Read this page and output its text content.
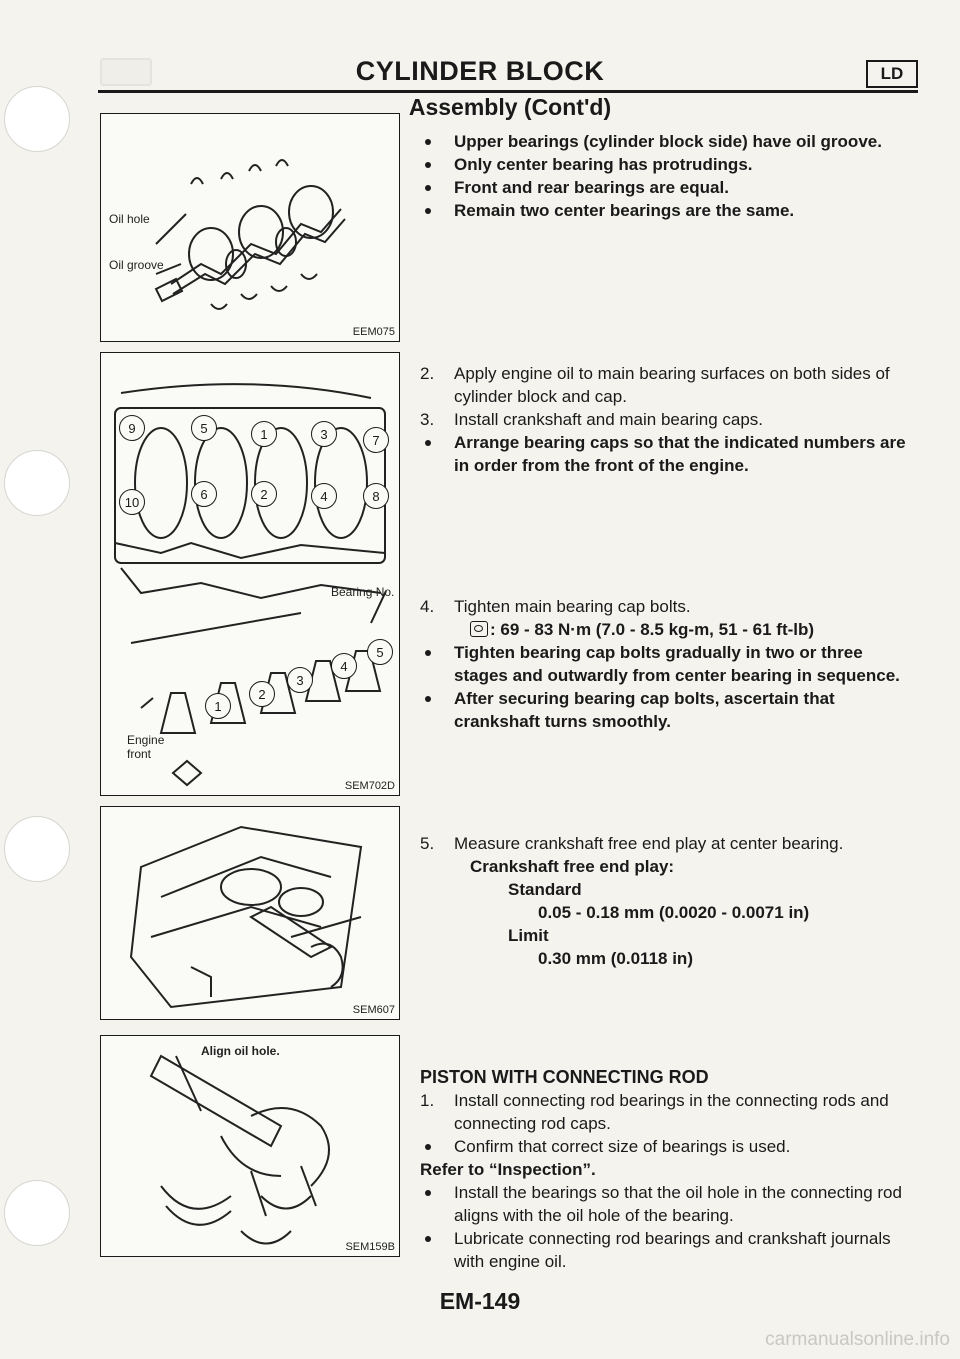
CYLINDER BLOCK	LD
Assembly (Cont'd)
Oil hole
Oil groove
EEM075
9	5	1	3	7
10
6	2	4	8
Bearing No.
1
2
3
4
5
Engine front
SEM702D
SEM607
Align oil hole.
SEM159B
Upper bearings (cylinder block side) have oil groove.
Only center bearing has protrudings.
Front and rear bearings are equal.
Remain two center bearings are the same.
2.	Apply engine oil to main bearing surfaces on both sides of cylinder block and cap.
3.	Install crankshaft and main bearing caps.
Arrange bearing caps so that the indicated numbers are in order from the front of the engine.
4.	Tighten main bearing cap bolts.
: 69 - 83 N·m (7.0 - 8.5 kg-m, 51 - 61 ft-lb)
Tighten bearing cap bolts gradually in two or three stages and outwardly from center bearing in sequence.
After securing bearing cap bolts, ascertain that crankshaft turns smoothly.
5.	Measure crankshaft free end play at center bearing.
Crankshaft free end play:
Standard
0.05 - 0.18 mm (0.0020 - 0.0071 in)
Limit
0.30 mm (0.0118 in)
PISTON WITH CONNECTING ROD
1.	Install connecting rod bearings in the connecting rods and connecting rod caps.
Confirm that correct size of bearings is used.
Refer to “Inspection”.
Install the bearings so that the oil hole in the connecting rod aligns with the oil hole of the bearing.
Lubricate connecting rod bearings and crankshaft journals with engine oil.
EM-149
carmanualsonline.info
